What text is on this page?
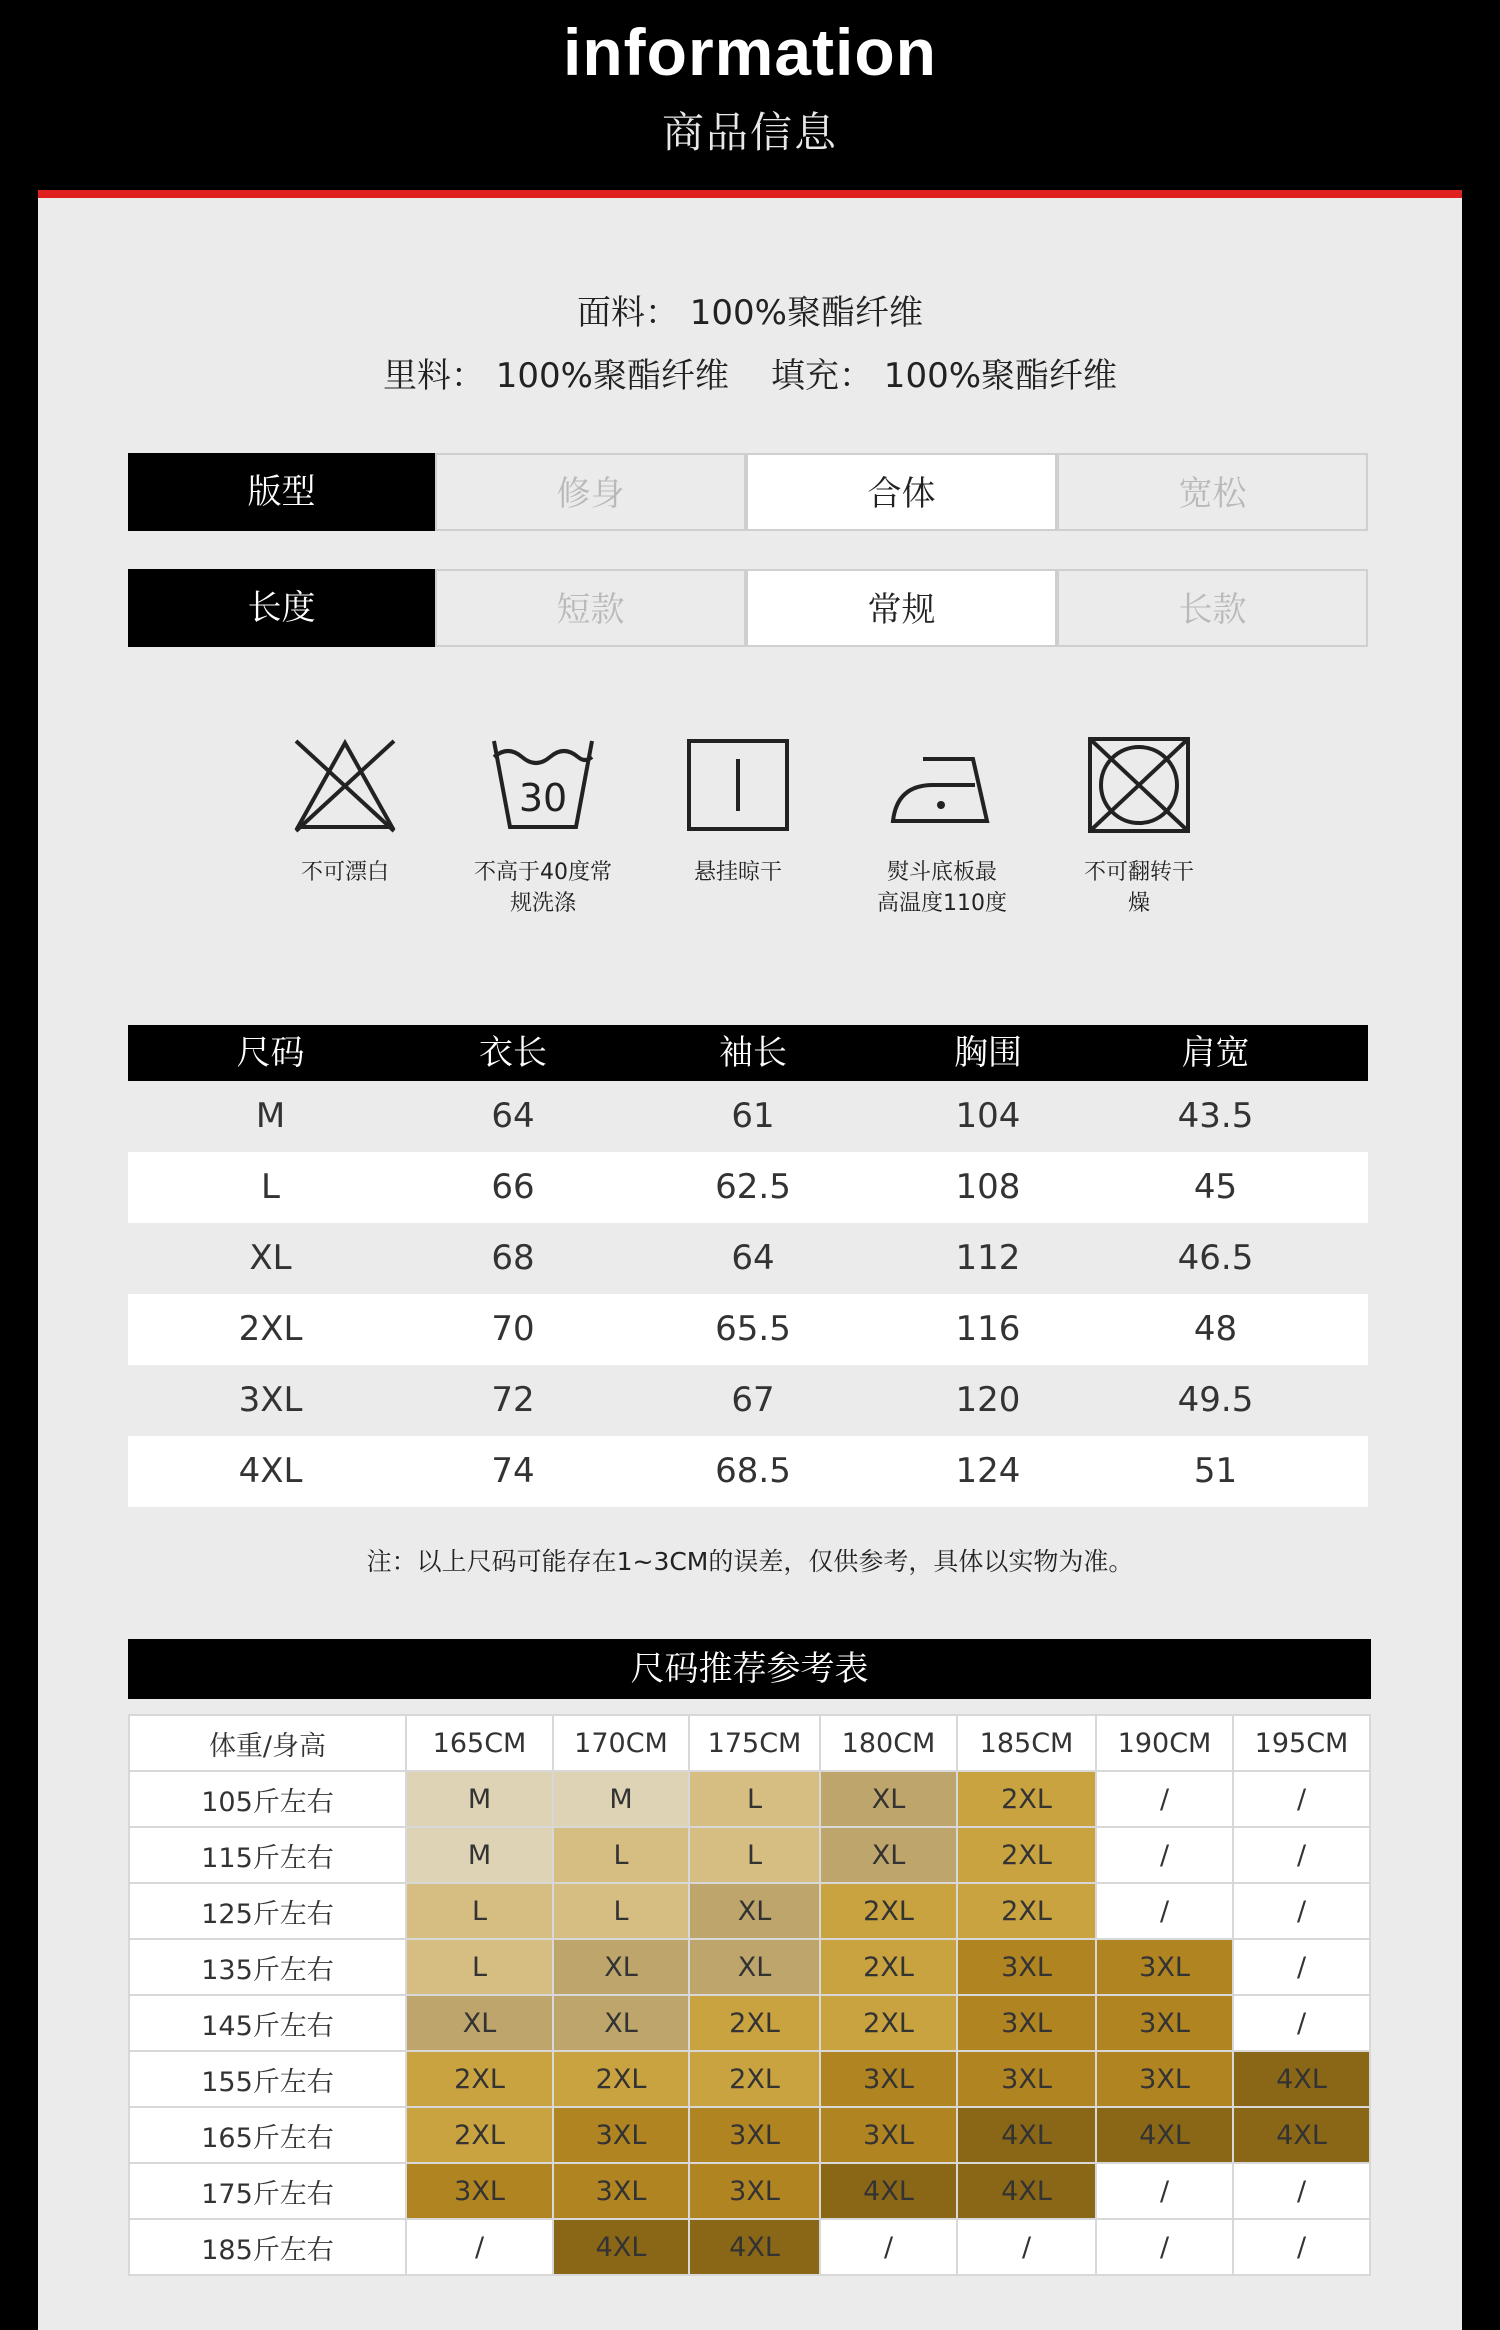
information
商品信息
面料： 100%聚酯纤维
里料： 100%聚酯纤维 填充： 100%聚酯纤维
版型	修身	合体	宽松
长度	短款	常规	长款
不可漂白
30
不高于40度常规洗涤
悬挂晾干	熨斗底板最高温度110度
不可翻转干燥
尺码	衣长	袖长	胸围	肩宽
M	64	61	104	43.5
L	66	62.5	108	45
XL	68	64	112	46.5
2XL	70	65.5	116	48
3XL	72	67	120	49.5
4XL	74	68.5	124	51
注：以上尺码可能存在1~3CM的误差，仅供参考，具体以实物为准。
尺码推荐参考表
体重/身高	165CM	170CM	175CM	180CM	185CM	190CM	195CM
105斤左右	M	M	L	XL	2XL	/	/
115斤左右	M	L	L	XL	2XL	/	/
125斤左右	L	L	XL	2XL	2XL	/	/
135斤左右	L	XL	XL	2XL	3XL	3XL	/
145斤左右	XL	XL	2XL	2XL	3XL	3XL	/
155斤左右	2XL	2XL	2XL	3XL	3XL	3XL	4XL
165斤左右	2XL	3XL	3XL	3XL	4XL	4XL	4XL
175斤左右	3XL	3XL	3XL	4XL	4XL	/	/
185斤左右	/	4XL	4XL	/	/	/	/
